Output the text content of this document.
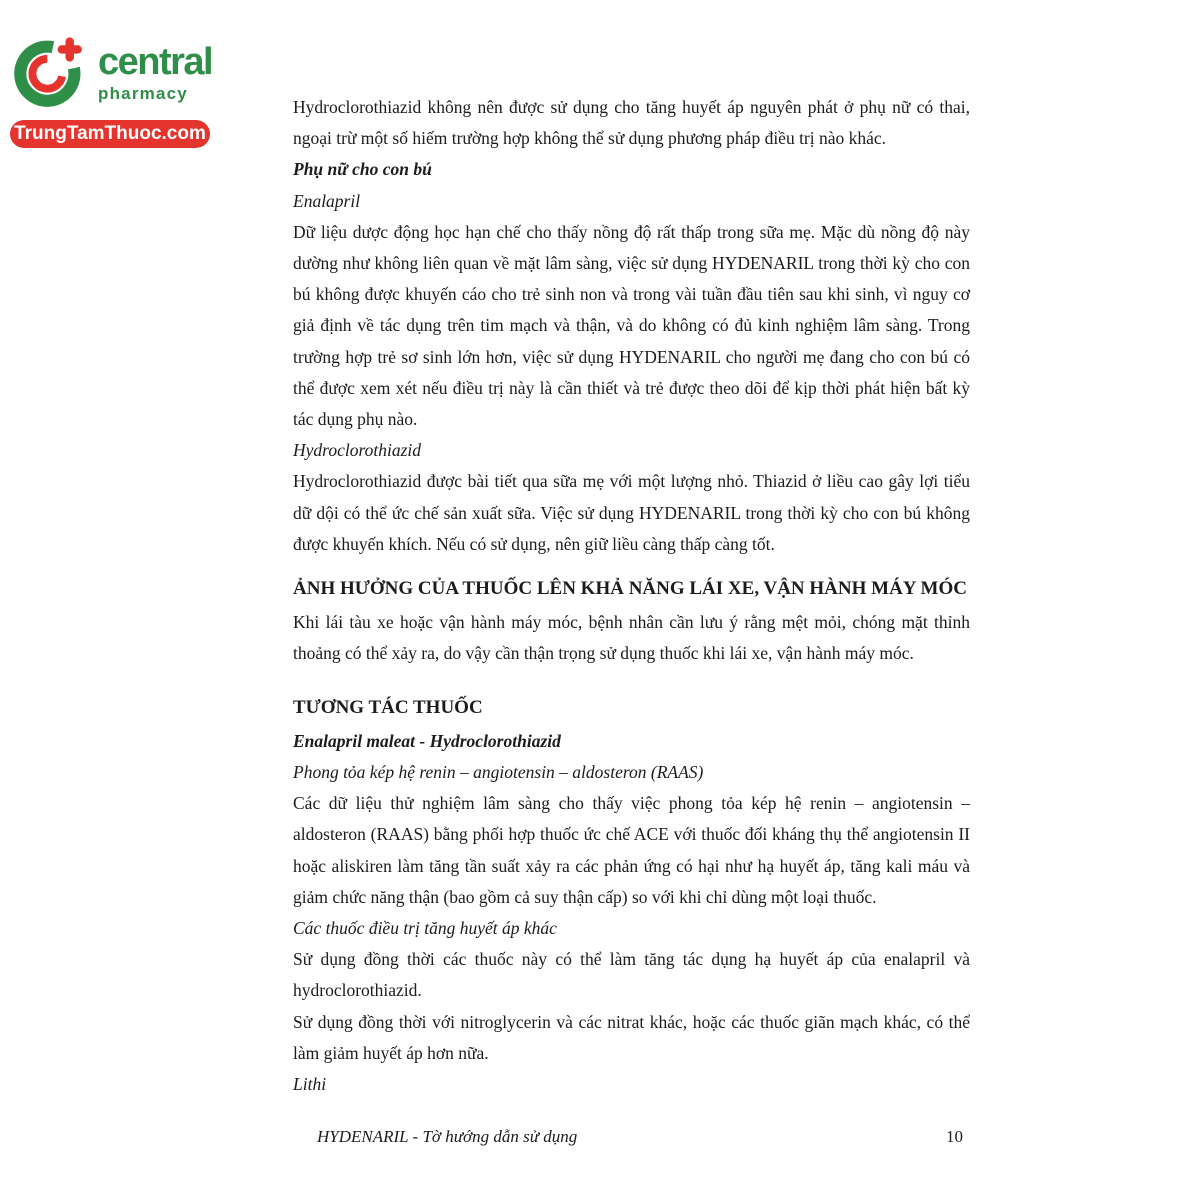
central
pharmacy
TrungTamThuoc.com

Hydroclorothiazid không nên được sử dụng cho tăng huyết áp nguyên phát ở phụ nữ có thai, ngoại trừ một số hiếm trường hợp không thể sử dụng phương pháp điều trị nào khác.

Phụ nữ cho con bú

Enalapril

Dữ liệu dược động học hạn chế cho thấy nồng độ rất thấp trong sữa mẹ. Mặc dù nồng độ này dường như không liên quan về mặt lâm sàng, việc sử dụng HYDENARIL trong thời kỳ cho con bú không được khuyến cáo cho trẻ sinh non và trong vài tuần đầu tiên sau khi sinh, vì nguy cơ giả định về tác dụng trên tim mạch và thận, và do không có đủ kinh nghiệm lâm sàng. Trong trường hợp trẻ sơ sinh lớn hơn, việc sử dụng HYDENARIL cho người mẹ đang cho con bú có thể được xem xét nếu điều trị này là cần thiết và trẻ được theo dõi để kịp thời phát hiện bất kỳ tác dụng phụ nào.

Hydroclorothiazid

Hydroclorothiazid được bài tiết qua sữa mẹ với một lượng nhỏ. Thiazid ở liều cao gây lợi tiểu dữ dội có thể ức chế sản xuất sữa. Việc sử dụng HYDENARIL trong thời kỳ cho con bú không được khuyến khích. Nếu có sử dụng, nên giữ liều càng thấp càng tốt.

ẢNH HƯỞNG CỦA THUỐC LÊN KHẢ NĂNG LÁI XE, VẬN HÀNH MÁY MÓC

Khi lái tàu xe hoặc vận hành máy móc, bệnh nhân cần lưu ý rằng mệt mỏi, chóng mặt thỉnh thoảng có thể xảy ra, do vậy cần thận trọng sử dụng thuốc khi lái xe, vận hành máy móc.

TƯƠNG TÁC THUỐC

Enalapril maleat - Hydroclorothiazid

Phong tỏa kép hệ renin – angiotensin – aldosteron (RAAS)

Các dữ liệu thử nghiệm lâm sàng cho thấy việc phong tỏa kép hệ renin – angiotensin – aldosteron (RAAS) bằng phối hợp thuốc ức chế ACE với thuốc đối kháng thụ thể angiotensin II hoặc aliskiren làm tăng tần suất xảy ra các phản ứng có hại như hạ huyết áp, tăng kali máu và giảm chức năng thận (bao gồm cả suy thận cấp) so với khi chỉ dùng một loại thuốc.

Các thuốc điều trị tăng huyết áp khác

Sử dụng đồng thời các thuốc này có thể làm tăng tác dụng hạ huyết áp của enalapril và hydroclorothiazid.

Sử dụng đồng thời với nitroglycerin và các nitrat khác, hoặc các thuốc giãn mạch khác, có thể làm giảm huyết áp hơn nữa.

Lithi

HYDENARIL - Tờ hướng dẫn sử dụng	10
